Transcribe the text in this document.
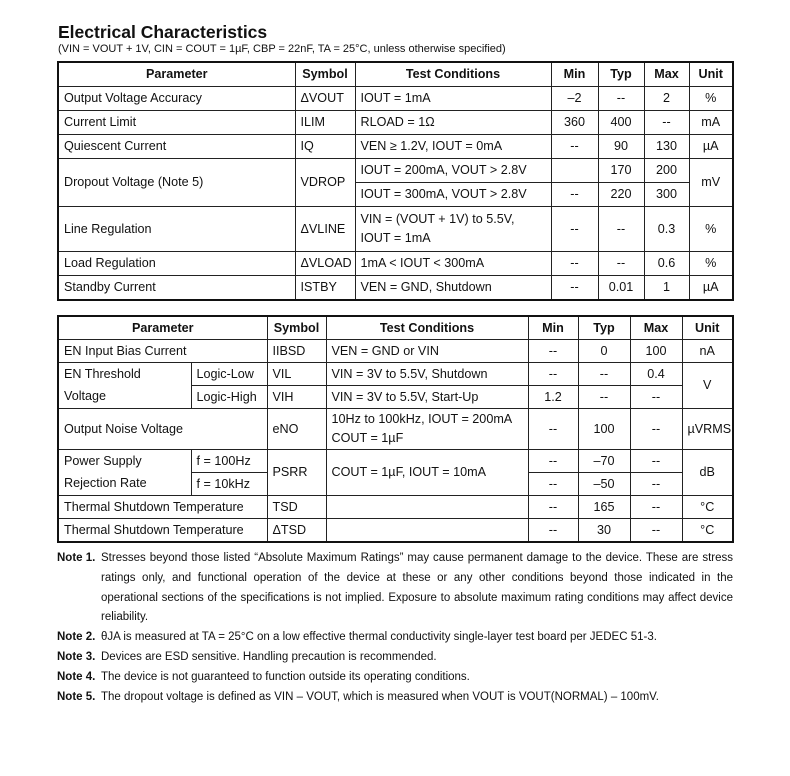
Electrical Characteristics
(VIN = VOUT + 1V, CIN = COUT = 1µF, CBP = 22nF, TA = 25°C, unless otherwise specified)
Parameter	Symbol	Test Conditions	Min	Typ	Max	Unit
Output Voltage Accuracy	ΔVOUT	IOUT = 1mA	–2	--	2	%
Current Limit	ILIM	RLOAD = 1Ω	360	400	--	mA
Quiescent Current	IQ	VEN ≥ 1.2V, IOUT = 0mA	--	90	130	µA
Dropout Voltage (Note 5)	VDROP	IOUT = 200mA, VOUT > 2.8V		170	200	mV
		IOUT = 300mA, VOUT > 2.8V	--	220	300	
Line Regulation	ΔVLINE	VIN = (VOUT + 1V) to 5.5V,
IOUT = 1mA	--	--	0.3	%
Load Regulation	ΔVLOAD	1mA < IOUT < 300mA	--	--	0.6	%
Standby Current	ISTBY	VEN = GND, Shutdown	--	0.01	1	µA
Parameter		Symbol	Test Conditions	Min	Typ	Max	Unit
EN Input Bias Current		IIBSD	VEN = GND or VIN	--	0	100	nA
EN Threshold	Logic-Low	VIL	VIN = 3V to 5.5V, Shutdown	--	--	0.4	V
Voltage	Logic-High	VIH	VIN = 3V to 5.5V, Start-Up	1.2	--	--	
Output Noise Voltage		eNO	10Hz to 100kHz, IOUT = 200mA
COUT = 1µF	--	100	--	µVRMS
Power Supply	f = 100Hz	PSRR	COUT = 1µF, IOUT = 10mA	--	–70	--	dB
Rejection Rate	f = 10kHz			--	–50	--	
Thermal Shutdown Temperature		TSD		--	165	--	°C
Thermal Shutdown Temperature		ΔTSD		--	30	--	°C
Note 1. Stresses beyond those listed “Absolute Maximum Ratings” may cause permanent damage to the device. These are stress ratings only, and functional operation of the device at these or any other conditions beyond those indicated in the operational sections of the specifications is not implied. Exposure to absolute maximum rating conditions may affect device reliability.
Note 2. θJA is measured at TA = 25°C on a low effective thermal conductivity single-layer test board per JEDEC 51-3.
Note 3. Devices are ESD sensitive. Handling precaution is recommended.
Note 4. The device is not guaranteed to function outside its operating conditions.
Note 5. The dropout voltage is defined as VIN – VOUT, which is measured when VOUT is VOUT(NORMAL) – 100mV.
